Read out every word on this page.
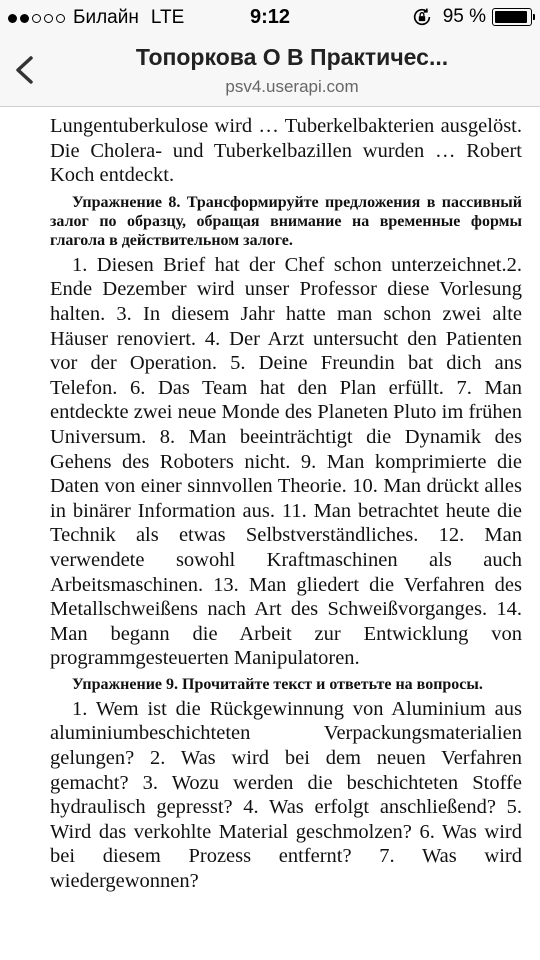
Билайн LTE	9:12	95 %
Топоркова О В Практичес...
psv4.userapi.com

Lungentuberkulose wird … Tuberkelbakterien ausgelöst. Die Cholera- und Tuberkelbazillen wurden … Robert Koch entdeckt.

Упражнение 8. Трансформируйте предложения в пассивный залог по образцу, обращая внимание на временные формы глагола в действительном залоге.

1. Diesen Brief hat der Chef schon unterzeichnet.2. Ende Dezember wird unser Professor diese Vorlesung halten. 3. In diesem Jahr hatte man schon zwei alte Häuser renoviert. 4. Der Arzt untersucht den Patienten vor der Operation. 5. Deine Freundin bat dich ans Telefon. 6. Das Team hat den Plan erfüllt. 7. Man entdeckte zwei neue Monde des Planeten Pluto im frühen Universum. 8. Man beeinträchtigt die Dynamik des Gehens des Roboters nicht. 9. Man komprimierte die Daten von einer sinnvollen Theorie. 10. Man drückt alles in binärer Information aus. 11. Man betrachtet heute die Technik als etwas Selbstverständliches. 12. Man verwendete sowohl Kraftmaschinen als auch Arbeitsmaschinen. 13. Man gliedert die Verfahren des Metallschweißens nach Art des Schweißvorganges. 14. Man begann die Arbeit zur Entwicklung von programmgesteuerten Manipulatoren.

Упражнение 9. Прочитайте текст и ответьте на вопросы.

1. Wem ist die Rückgewinnung von Aluminium aus aluminiumbeschichteten Verpackungsmaterialien gelungen? 2. Was wird bei dem neuen Verfahren gemacht? 3. Wozu werden die beschichteten Stoffe hydraulisch gepresst? 4. Was erfolgt anschließend? 5. Wird das verkohlte Material geschmolzen? 6. Was wird bei diesem Prozess entfernt? 7. Was wird wiedergewonnen?
